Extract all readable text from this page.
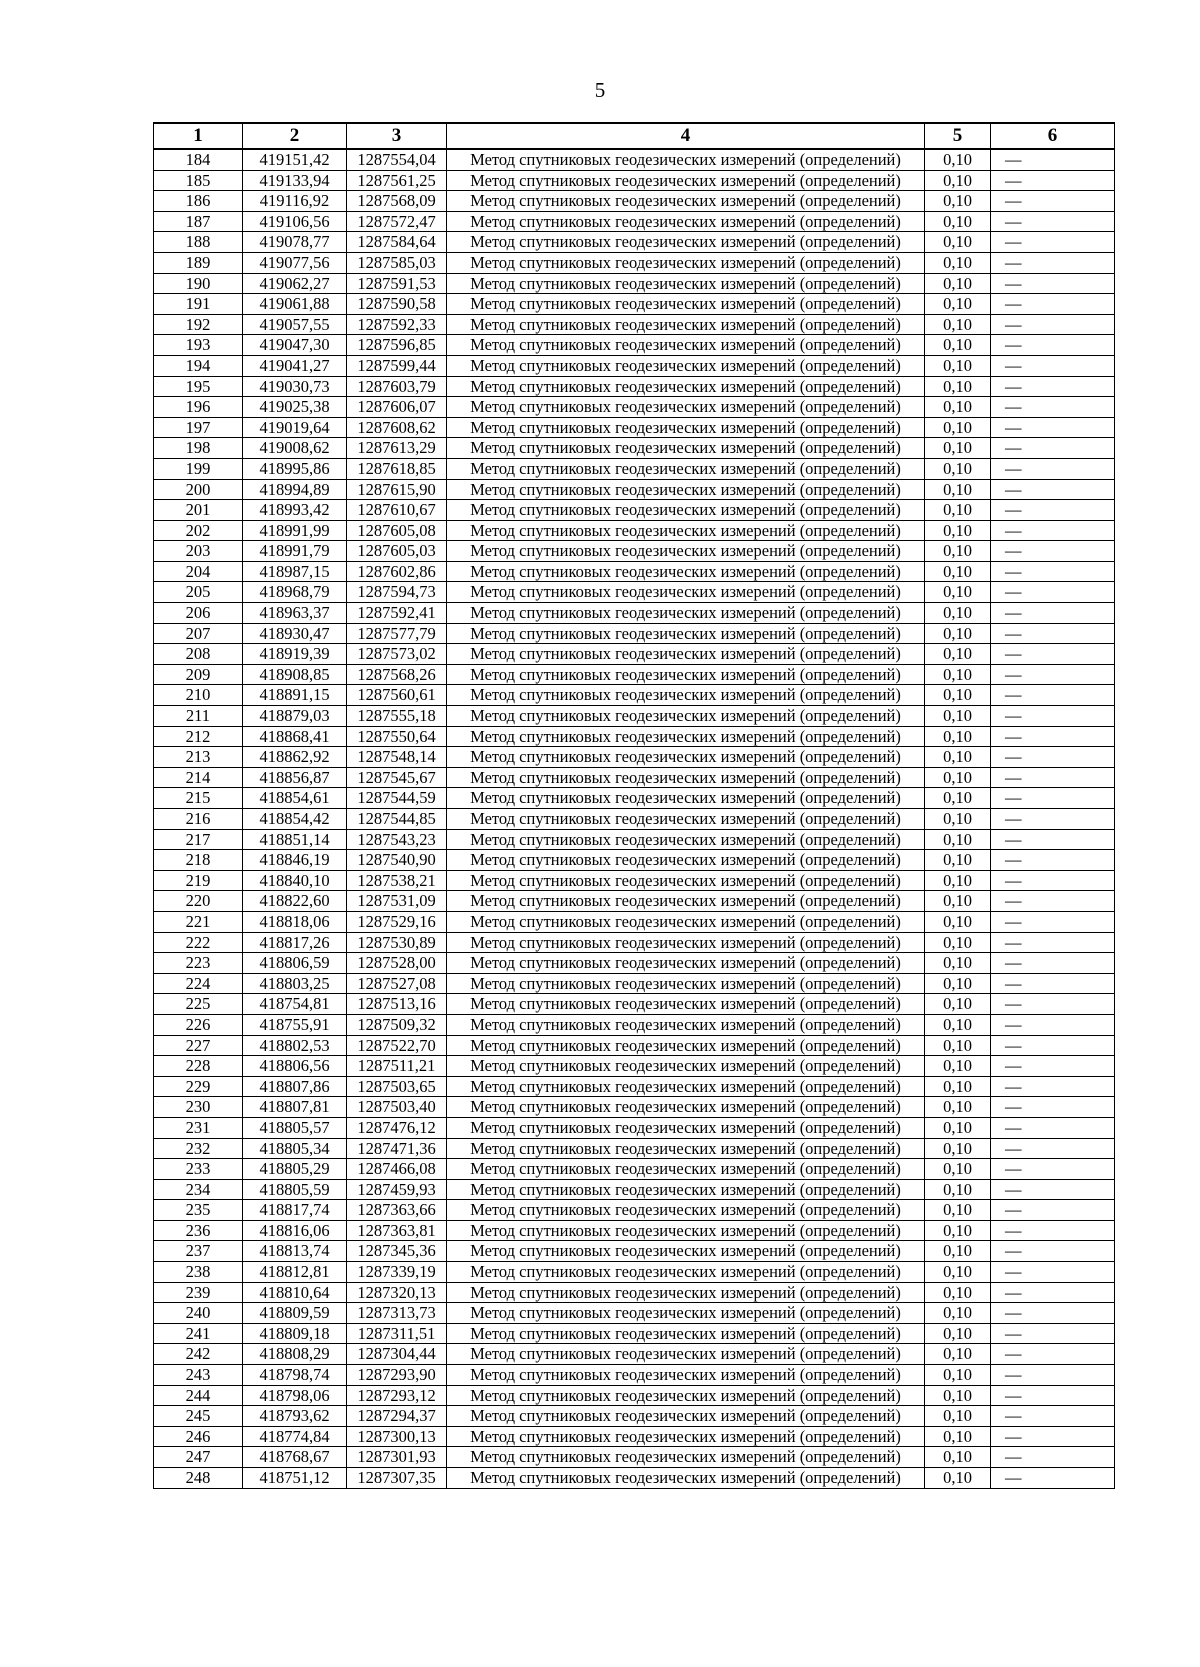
5
1	2	3	4	5	6
184	419151,42	1287554,04	Метод спутниковых геодезических измерений (определений)	0,10	—
185	419133,94	1287561,25	Метод спутниковых геодезических измерений (определений)	0,10	—
186	419116,92	1287568,09	Метод спутниковых геодезических измерений (определений)	0,10	—
187	419106,56	1287572,47	Метод спутниковых геодезических измерений (определений)	0,10	—
188	419078,77	1287584,64	Метод спутниковых геодезических измерений (определений)	0,10	—
189	419077,56	1287585,03	Метод спутниковых геодезических измерений (определений)	0,10	—
190	419062,27	1287591,53	Метод спутниковых геодезических измерений (определений)	0,10	—
191	419061,88	1287590,58	Метод спутниковых геодезических измерений (определений)	0,10	—
192	419057,55	1287592,33	Метод спутниковых геодезических измерений (определений)	0,10	—
193	419047,30	1287596,85	Метод спутниковых геодезических измерений (определений)	0,10	—
194	419041,27	1287599,44	Метод спутниковых геодезических измерений (определений)	0,10	—
195	419030,73	1287603,79	Метод спутниковых геодезических измерений (определений)	0,10	—
196	419025,38	1287606,07	Метод спутниковых геодезических измерений (определений)	0,10	—
197	419019,64	1287608,62	Метод спутниковых геодезических измерений (определений)	0,10	—
198	419008,62	1287613,29	Метод спутниковых геодезических измерений (определений)	0,10	—
199	418995,86	1287618,85	Метод спутниковых геодезических измерений (определений)	0,10	—
200	418994,89	1287615,90	Метод спутниковых геодезических измерений (определений)	0,10	—
201	418993,42	1287610,67	Метод спутниковых геодезических измерений (определений)	0,10	—
202	418991,99	1287605,08	Метод спутниковых геодезических измерений (определений)	0,10	—
203	418991,79	1287605,03	Метод спутниковых геодезических измерений (определений)	0,10	—
204	418987,15	1287602,86	Метод спутниковых геодезических измерений (определений)	0,10	—
205	418968,79	1287594,73	Метод спутниковых геодезических измерений (определений)	0,10	—
206	418963,37	1287592,41	Метод спутниковых геодезических измерений (определений)	0,10	—
207	418930,47	1287577,79	Метод спутниковых геодезических измерений (определений)	0,10	—
208	418919,39	1287573,02	Метод спутниковых геодезических измерений (определений)	0,10	—
209	418908,85	1287568,26	Метод спутниковых геодезических измерений (определений)	0,10	—
210	418891,15	1287560,61	Метод спутниковых геодезических измерений (определений)	0,10	—
211	418879,03	1287555,18	Метод спутниковых геодезических измерений (определений)	0,10	—
212	418868,41	1287550,64	Метод спутниковых геодезических измерений (определений)	0,10	—
213	418862,92	1287548,14	Метод спутниковых геодезических измерений (определений)	0,10	—
214	418856,87	1287545,67	Метод спутниковых геодезических измерений (определений)	0,10	—
215	418854,61	1287544,59	Метод спутниковых геодезических измерений (определений)	0,10	—
216	418854,42	1287544,85	Метод спутниковых геодезических измерений (определений)	0,10	—
217	418851,14	1287543,23	Метод спутниковых геодезических измерений (определений)	0,10	—
218	418846,19	1287540,90	Метод спутниковых геодезических измерений (определений)	0,10	—
219	418840,10	1287538,21	Метод спутниковых геодезических измерений (определений)	0,10	—
220	418822,60	1287531,09	Метод спутниковых геодезических измерений (определений)	0,10	—
221	418818,06	1287529,16	Метод спутниковых геодезических измерений (определений)	0,10	—
222	418817,26	1287530,89	Метод спутниковых геодезических измерений (определений)	0,10	—
223	418806,59	1287528,00	Метод спутниковых геодезических измерений (определений)	0,10	—
224	418803,25	1287527,08	Метод спутниковых геодезических измерений (определений)	0,10	—
225	418754,81	1287513,16	Метод спутниковых геодезических измерений (определений)	0,10	—
226	418755,91	1287509,32	Метод спутниковых геодезических измерений (определений)	0,10	—
227	418802,53	1287522,70	Метод спутниковых геодезических измерений (определений)	0,10	—
228	418806,56	1287511,21	Метод спутниковых геодезических измерений (определений)	0,10	—
229	418807,86	1287503,65	Метод спутниковых геодезических измерений (определений)	0,10	—
230	418807,81	1287503,40	Метод спутниковых геодезических измерений (определений)	0,10	—
231	418805,57	1287476,12	Метод спутниковых геодезических измерений (определений)	0,10	—
232	418805,34	1287471,36	Метод спутниковых геодезических измерений (определений)	0,10	—
233	418805,29	1287466,08	Метод спутниковых геодезических измерений (определений)	0,10	—
234	418805,59	1287459,93	Метод спутниковых геодезических измерений (определений)	0,10	—
235	418817,74	1287363,66	Метод спутниковых геодезических измерений (определений)	0,10	—
236	418816,06	1287363,81	Метод спутниковых геодезических измерений (определений)	0,10	—
237	418813,74	1287345,36	Метод спутниковых геодезических измерений (определений)	0,10	—
238	418812,81	1287339,19	Метод спутниковых геодезических измерений (определений)	0,10	—
239	418810,64	1287320,13	Метод спутниковых геодезических измерений (определений)	0,10	—
240	418809,59	1287313,73	Метод спутниковых геодезических измерений (определений)	0,10	—
241	418809,18	1287311,51	Метод спутниковых геодезических измерений (определений)	0,10	—
242	418808,29	1287304,44	Метод спутниковых геодезических измерений (определений)	0,10	—
243	418798,74	1287293,90	Метод спутниковых геодезических измерений (определений)	0,10	—
244	418798,06	1287293,12	Метод спутниковых геодезических измерений (определений)	0,10	—
245	418793,62	1287294,37	Метод спутниковых геодезических измерений (определений)	0,10	—
246	418774,84	1287300,13	Метод спутниковых геодезических измерений (определений)	0,10	—
247	418768,67	1287301,93	Метод спутниковых геодезических измерений (определений)	0,10	—
248	418751,12	1287307,35	Метод спутниковых геодезических измерений (определений)	0,10	—
